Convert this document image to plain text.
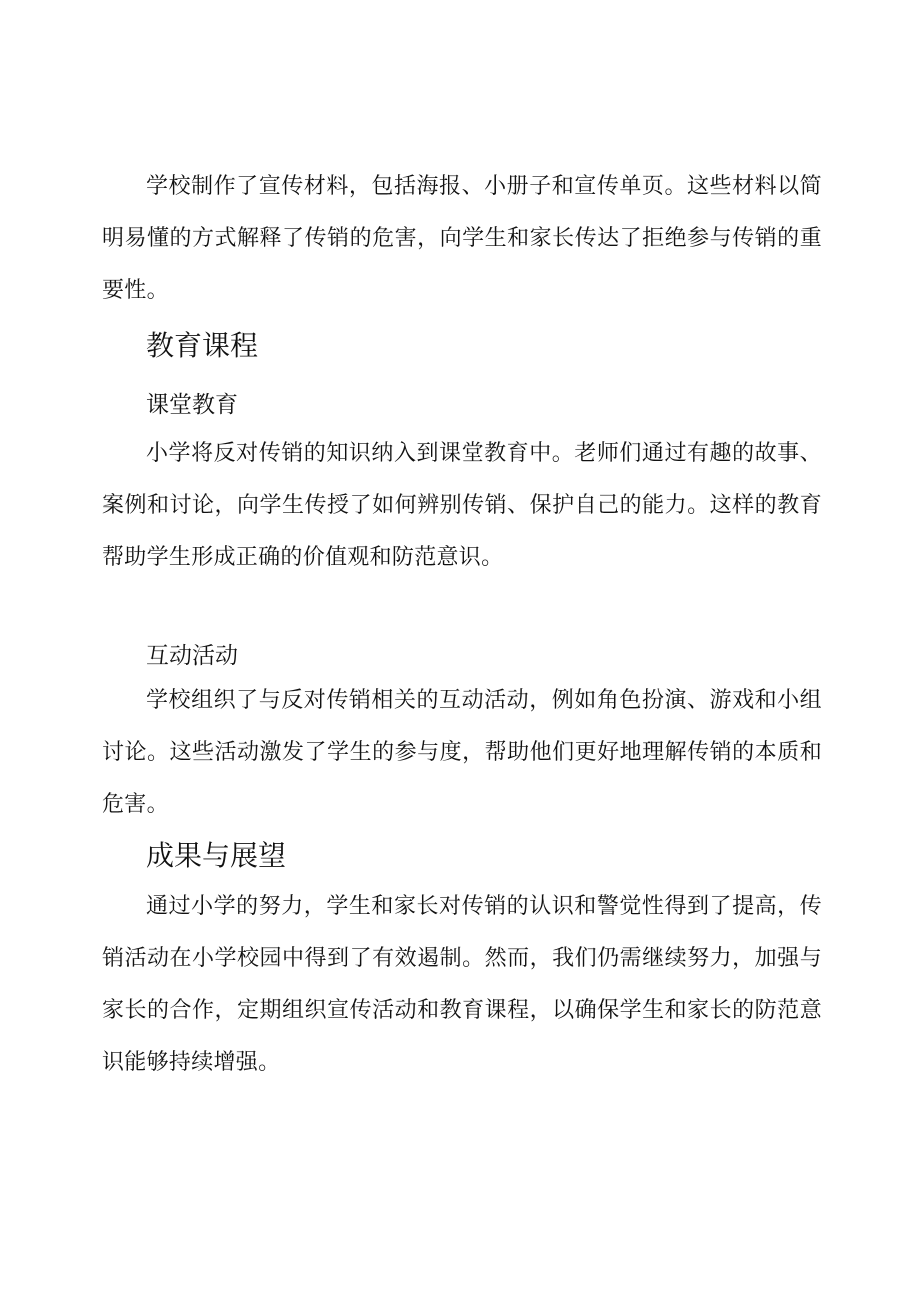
学校制作了宣传材料，包括海报、小册子和宣传单页。这些材料以简明易懂的方式解释了传销的危害，向学生和家长传达了拒绝参与传销的重要性。

教育课程
课堂教育

小学将反对传销的知识纳入到课堂教育中。老师们通过有趣的故事、案例和讨论，向学生传授了如何辨别传销、保护自己的能力。这样的教育帮助学生形成正确的价值观和防范意识。

互动活动

学校组织了与反对传销相关的互动活动，例如角色扮演、游戏和小组讨论。这些活动激发了学生的参与度，帮助他们更好地理解传销的本质和危害。

成果与展望

通过小学的努力，学生和家长对传销的认识和警觉性得到了提高，传销活动在小学校园中得到了有效遏制。然而，我们仍需继续努力，加强与家长的合作，定期组织宣传活动和教育课程，以确保学生和家长的防范意识能够持续增强。
